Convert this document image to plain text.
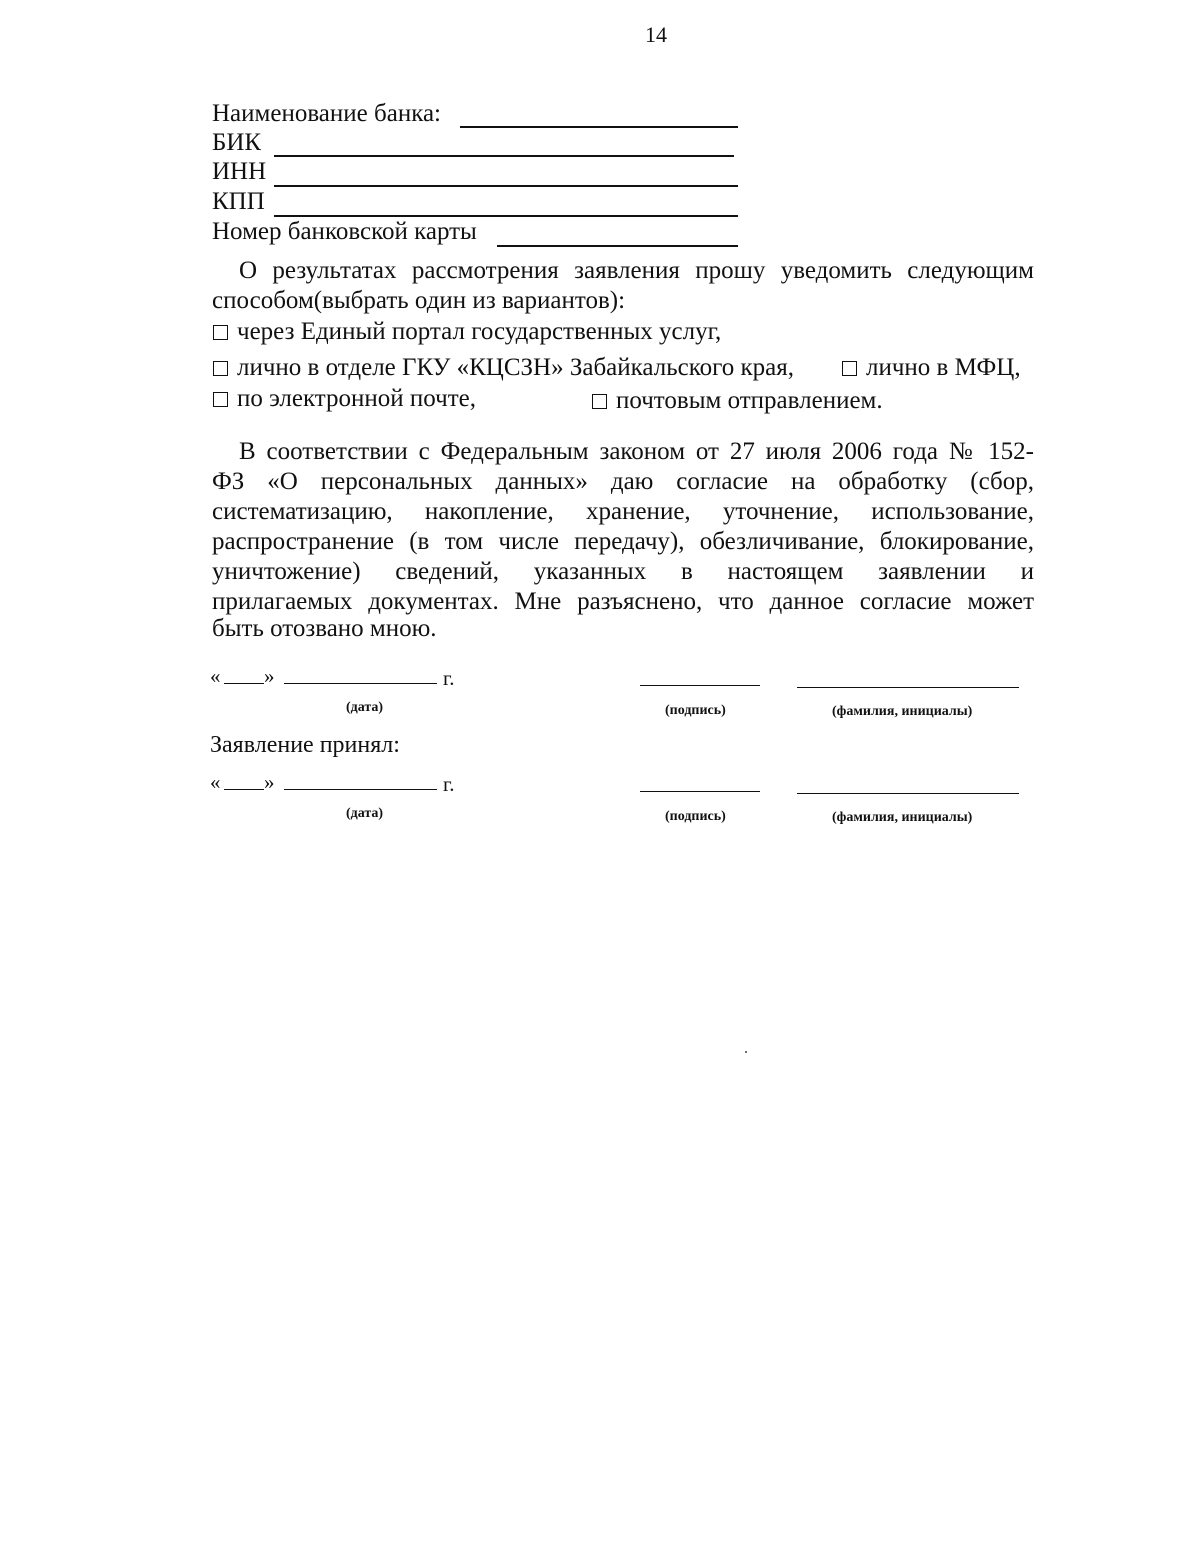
14
Наименование банка:
БИК
ИНН
КПП
Номер банковской карты
О результатах рассмотрения заявления прошу уведомить следующим
способом(выбрать один из вариантов):
через Единый портал государственных услуг,
лично в отделе ГКУ «КЦСЗН» Забайкальского края,	лично в МФЦ,
по электронной почте,	почтовым отправлением.
В соответствии с Федеральным законом от 27 июля 2006 года № 152-
ФЗ «О персональных данных» даю согласие на обработку (сбор,
систематизацию, накопление, хранение, уточнение, использование,
распространение (в том числе передачу), обезличивание, блокирование,
уничтожение) сведений, указанных в настоящем заявлении и
прилагаемых документах. Мне разъяснено, что данное согласие может
быть отозвано мною.
« »	г.
(дата)	(подпись)	(фамилия, инициалы)
Заявление принял:
« »	г.
(дата)	(подпись)	(фамилия, инициалы)
